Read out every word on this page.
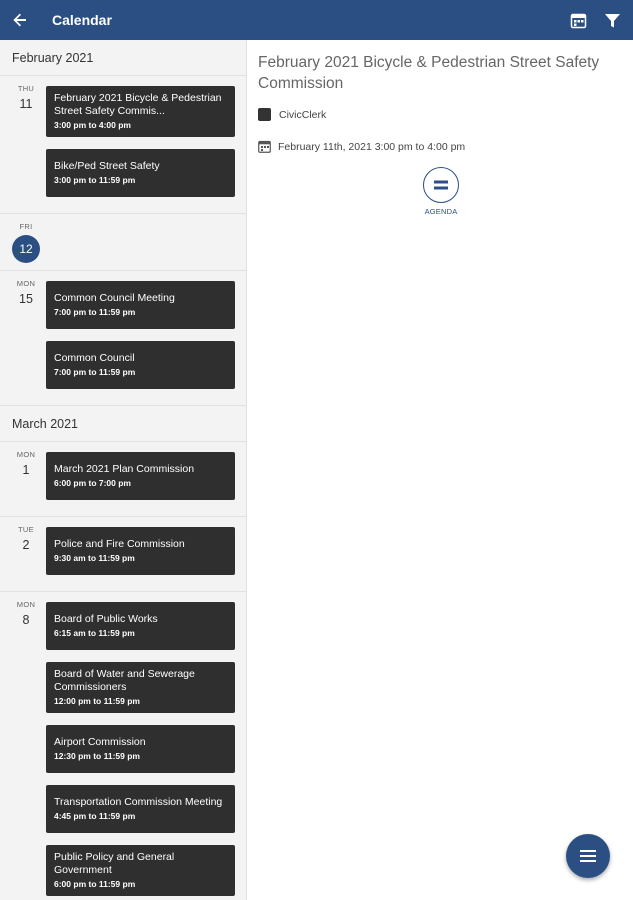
Calendar
February 2021
THU
11	February 2021 Bicycle & Pedestrian Street Safety Commis...
3:00 pm to 4:00 pm
Bike/Ped Street Safety
3:00 pm to 11:59 pm
FRI
12
MON
15	Common Council Meeting
7:00 pm to 11:59 pm
Common Council
7:00 pm to 11:59 pm
March 2021
MON
1	March 2021 Plan Commission
6:00 pm to 7:00 pm
TUE
2	Police and Fire Commission
9:30 am to 11:59 pm
MON
8	Board of Public Works
6:15 am to 11:59 pm
Board of Water and Sewerage Commissioners
12:00 pm to 11:59 pm
Airport Commission
12:30 pm to 11:59 pm
Transportation Commission Meeting
4:45 pm to 11:59 pm
Public Policy and General Government
6:00 pm to 11:59 pm
February 2021 Bicycle & Pedestrian Street Safety Commission
CivicClerk
February 11th, 2021 3:00 pm to 4:00 pm
AGENDA
